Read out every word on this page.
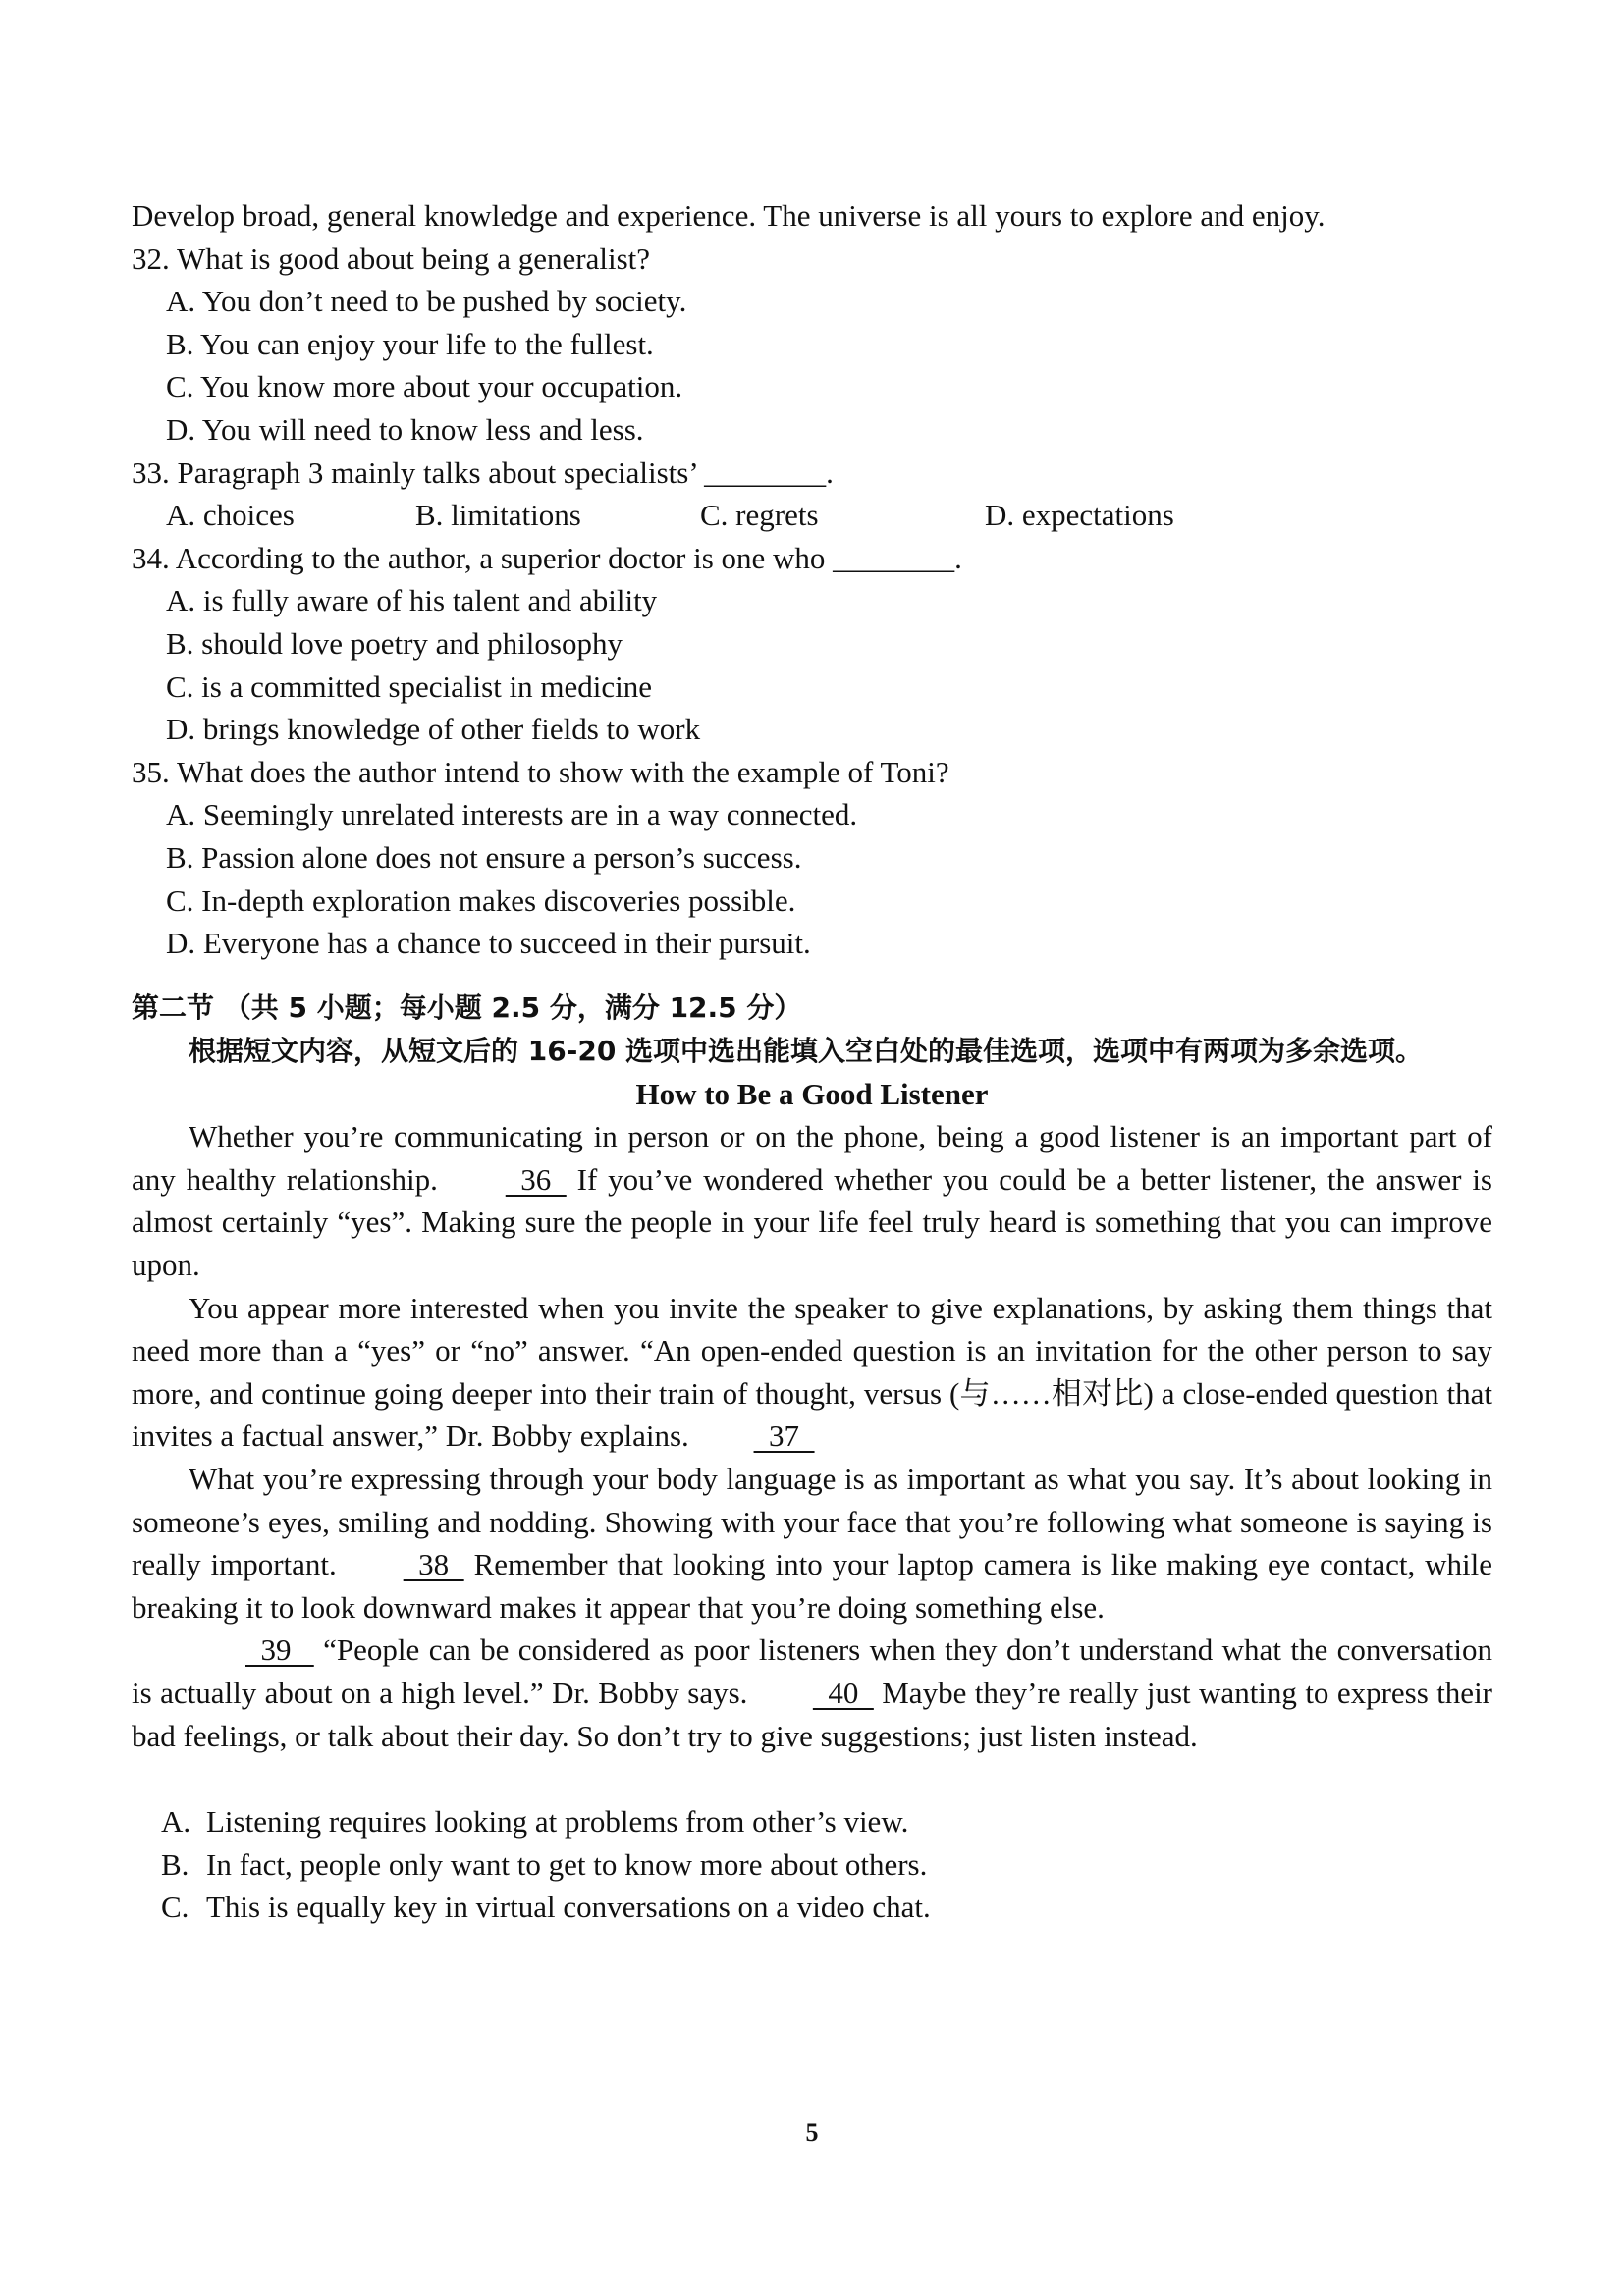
Develop broad, general knowledge and experience. The universe is all yours to explore and enjoy.
32. What is good about being a generalist?
A. You don’t need to be pushed by society.
B. You can enjoy your life to the fullest.
C. You know more about your occupation.
D. You will need to know less and less.
33. Paragraph 3 mainly talks about specialists’ ________.
A. choices	B. limitations	C. regrets	D. expectations
34. According to the author, a superior doctor is one who ________.
A. is fully aware of his talent and ability
B. should love poetry and philosophy
C. is a committed specialist in medicine
D. brings knowledge of other fields to work
35. What does the author intend to show with the example of Toni?
A. Seemingly unrelated interests are in a way connected.
B. Passion alone does not ensure a person’s success.
C. In-depth exploration makes discoveries possible.
D. Everyone has a chance to succeed in their pursuit.
第二节 （共 5 小题；每小题 2.5 分，满分 12.5 分）
根据短文内容，从短文后的 16-20 选项中选出能填入空白处的最佳选项，选项中有两项为多余选项。
How to Be a Good Listener
Whether you’re communicating in person or on the phone, being a good listener is an important part of any healthy relationship.   36   If you’ve wondered whether you could be a better listener, the answer is almost certainly “yes”. Making sure the people in your life feel truly heard is something that you can improve upon.
You appear more interested when you invite the speaker to give explanations, by asking them things that need more than a “yes” or “no” answer. “An open-ended question is an invitation for the other person to say more, and continue going deeper into their train of thought, versus (与……相对比) a close-ended question that invites a factual answer,” Dr. Bobby explains.   37
What you’re expressing through your body language is as important as what you say. It’s about looking in someone’s eyes, smiling and nodding. Showing with your face that you’re following what someone is saying is really important.   38   Remember that looking into your laptop camera is like making eye contact, while breaking it to look downward makes it appear that you’re doing something else.
39    “People can be considered as poor listeners when they don’t understand what the conversation is actually about on a high level.” Dr. Bobby says.   40   Maybe they’re really just wanting to express their bad feelings, or talk about their day. So don’t try to give suggestions; just listen instead.
A. Listening requires looking at problems from other’s view.
B. In fact, people only want to get to know more about others.
C. This is equally key in virtual conversations on a video chat.
5
